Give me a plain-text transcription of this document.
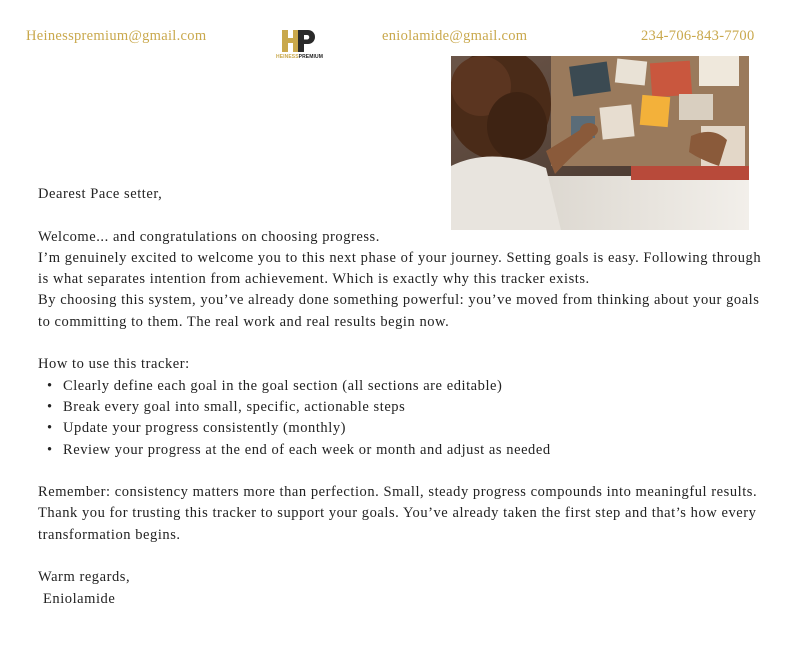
Heinesspremium@gmail.com
HEINESSPREMIUM
eniolamide@gmail.com	234-706-843-7700

Dearest Pace setter,

Welcome... and congratulations on choosing progress.

I’m genuinely excited to welcome you to this next phase of your journey. Setting goals is easy. Following through is what separates intention from achievement. Which is exactly why this tracker exists.

By choosing this system, you’ve already done something powerful: you’ve moved from thinking about your goals to committing to them. The real work and real results begin now.

How to use this tracker:

• Clearly define each goal in the goal section (all sections are editable)
• Break every goal into small, specific, actionable steps
• Update your progress consistently (monthly)
• Review your progress at the end of each week or month and adjust as needed

Remember: consistency matters more than perfection. Small, steady progress compounds into meaningful results.

Thank you for trusting this tracker to support your goals. You’ve already taken the first step and that’s how every transformation begins.

Warm regards,

Eniolamide
